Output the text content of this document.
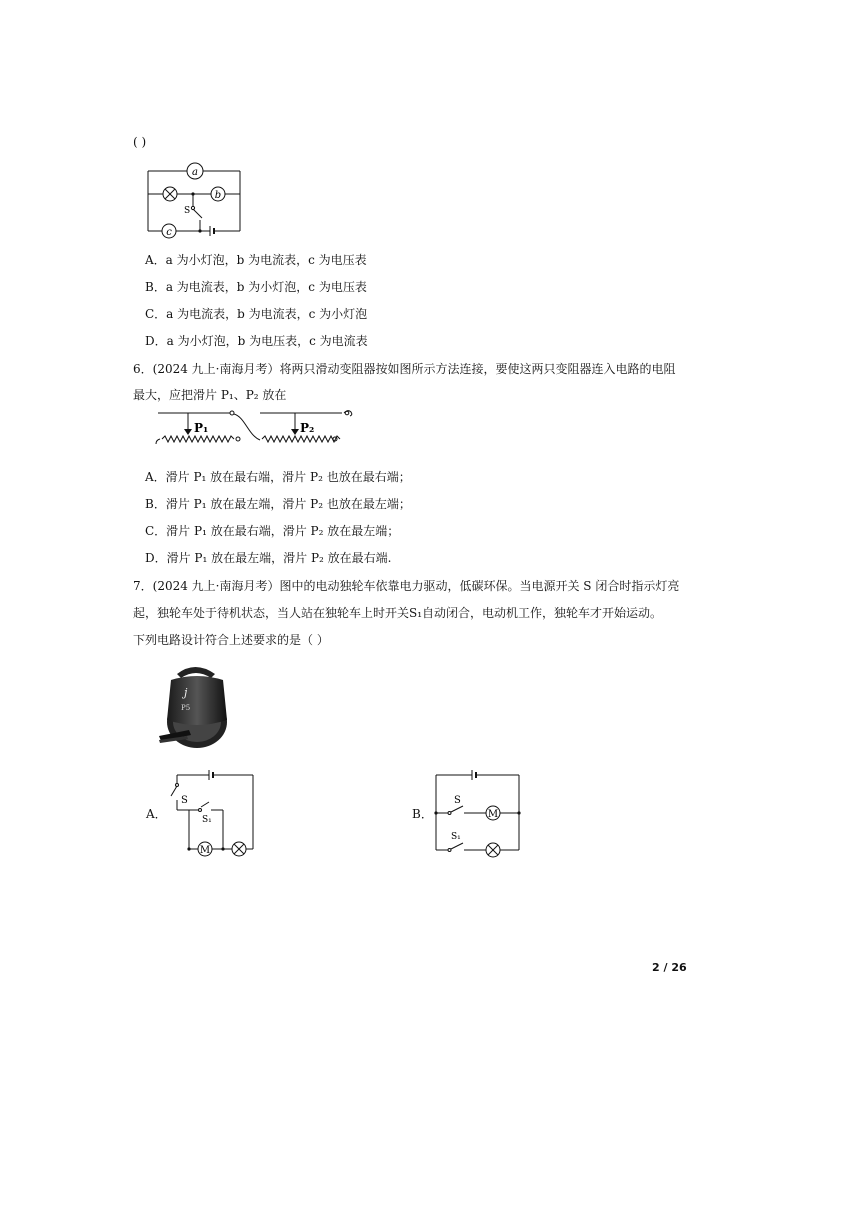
( )
a
b
c
S
A．a 为小灯泡，b 为电流表，c 为电压表
B．a 为电流表，b 为小灯泡，c 为电压表
C．a 为电流表，b 为电流表，c 为小灯泡
D．a 为小灯泡，b 为电压表，c 为电流表
6．(2024 九上·南海月考）将两只滑动变阻器按如图所示方法连接，要使这两只变阻器连入电路的电阻
最大，应把滑片 P₁、P₂ 放在
P₁	P₂
A．滑片 P₁ 放在最右端，滑片 P₂ 也放在最右端；
B．滑片 P₁ 放在最左端，滑片 P₂ 也放在最左端；
C．滑片 P₁ 放在最右端，滑片 P₂ 放在最左端；
D．滑片 P₁ 放在最左端，滑片 P₂ 放在最右端.
7．(2024 九上·南海月考）图中的电动独轮车依靠电力驱动，低碳环保。当电源开关 S 闭合时指示灯亮
起，独轮车处于待机状态，当人站在独轮车上时开关S₁自动闭合，电动机工作，独轮车才开始运动。
下列电路设计符合上述要求的是（ ）
j
P5
A．
S
S₁
M
B．
S
S₁
M
2 / 26
